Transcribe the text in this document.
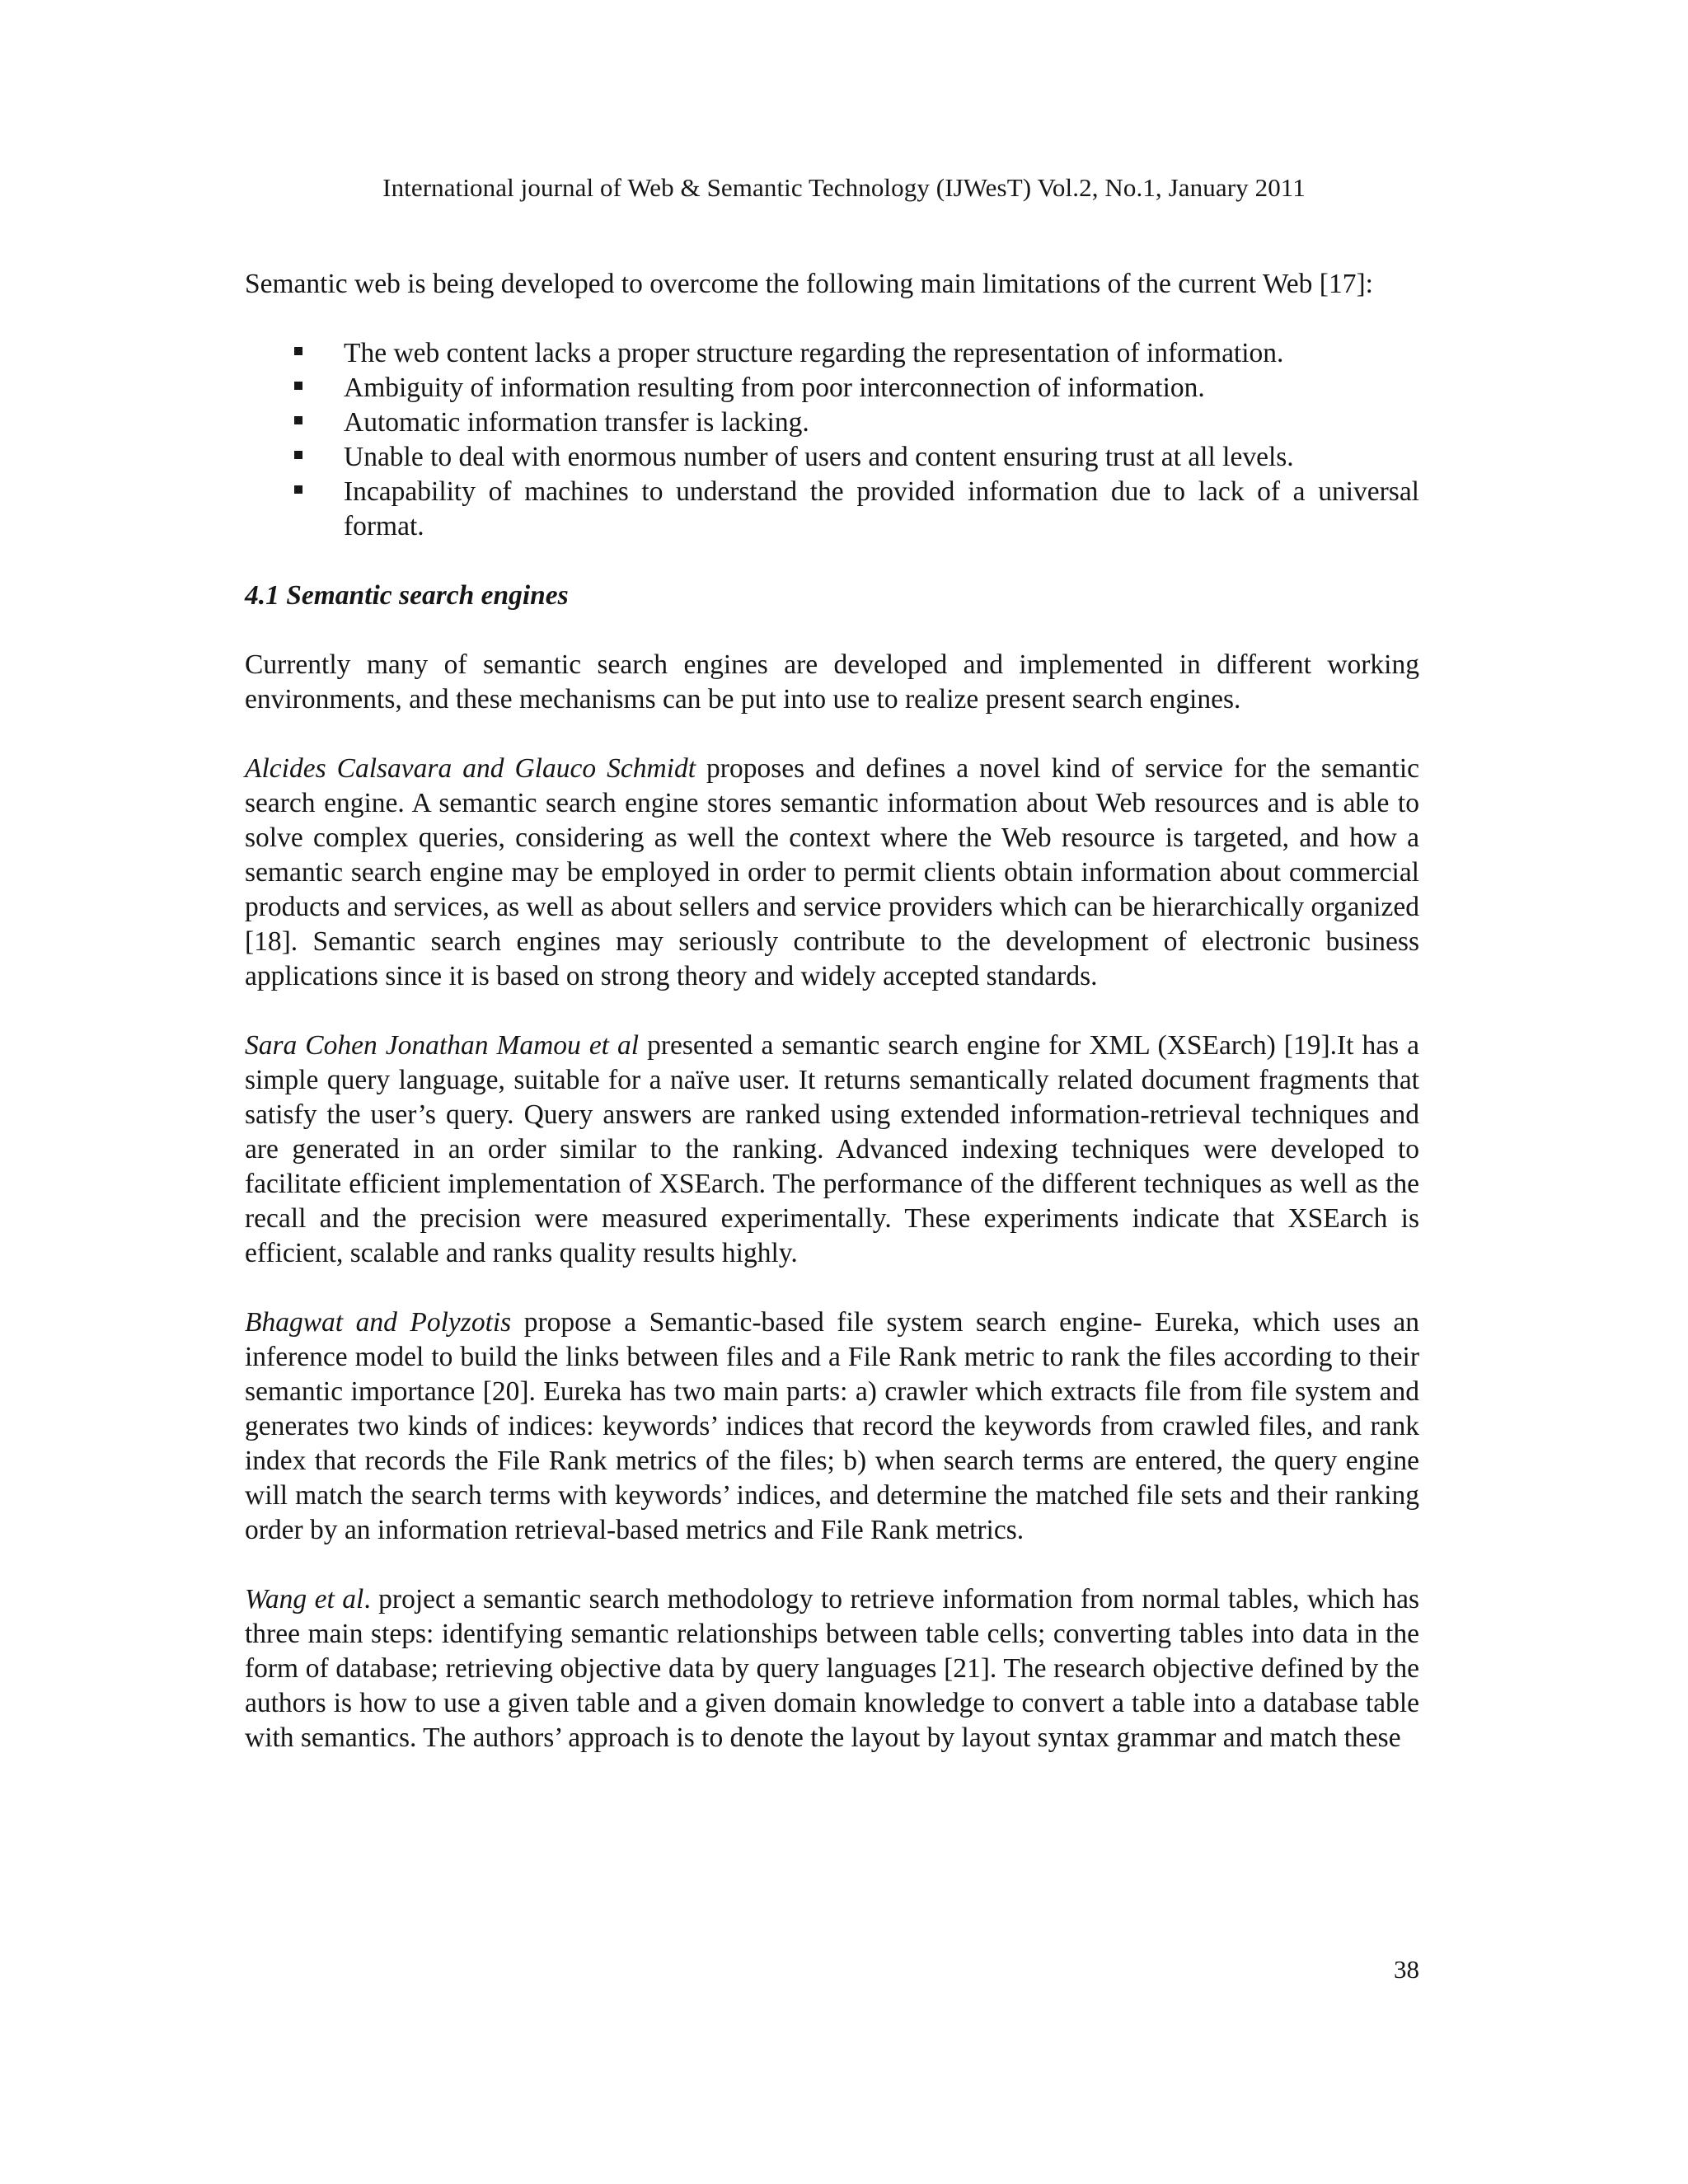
International journal of Web & Semantic Technology (IJWesT) Vol.2, No.1, January 2011

Semantic web is being developed to overcome the following main limitations of the current Web [17]:

The web content lacks a proper structure regarding the representation of information.
Ambiguity of information resulting from poor interconnection of information.
Automatic information transfer is lacking.
Unable to deal with enormous number of users and content ensuring trust at all levels.
Incapability of machines to understand the provided information due to lack of a universal format.
4.1 Semantic search engines

Currently many of semantic search engines are developed and implemented in different working environments, and these mechanisms can be put into use to realize present search engines.

Alcides Calsavara and Glauco Schmidt proposes and defines a novel kind of service for the semantic search engine. A semantic search engine stores semantic information about Web resources and is able to solve complex queries, considering as well the context where the Web resource is targeted, and how a semantic search engine may be employed in order to permit clients obtain information about commercial products and services, as well as about sellers and service providers which can be hierarchically organized [18]. Semantic search engines may seriously contribute to the development of electronic business applications since it is based on strong theory and widely accepted standards.

Sara Cohen Jonathan Mamou et al presented a semantic search engine for XML (XSEarch) [19].It has a simple query language, suitable for a naïve user. It returns semantically related document fragments that satisfy the user’s query. Query answers are ranked using extended information-retrieval techniques and are generated in an order similar to the ranking. Advanced indexing techniques were developed to facilitate efficient implementation of XSEarch. The performance of the different techniques as well as the recall and the precision were measured experimentally. These experiments indicate that XSEarch is efficient, scalable and ranks quality results highly.

Bhagwat and Polyzotis propose a Semantic-based file system search engine- Eureka, which uses an inference model to build the links between files and a File Rank metric to rank the files according to their semantic importance [20]. Eureka has two main parts: a) crawler which extracts file from file system and generates two kinds of indices: keywords’ indices that record the keywords from crawled files, and rank index that records the File Rank metrics of the files; b) when search terms are entered, the query engine will match the search terms with keywords’ indices, and determine the matched file sets and their ranking order by an information retrieval-based metrics and File Rank metrics.

Wang et al. project a semantic search methodology to retrieve information from normal tables, which has three main steps: identifying semantic relationships between table cells; converting tables into data in the form of database; retrieving objective data by query languages [21]. The research objective defined by the authors is how to use a given table and a given domain knowledge to convert a table into a database table with semantics. The authors’ approach is to denote the layout by layout syntax grammar and match these

38
